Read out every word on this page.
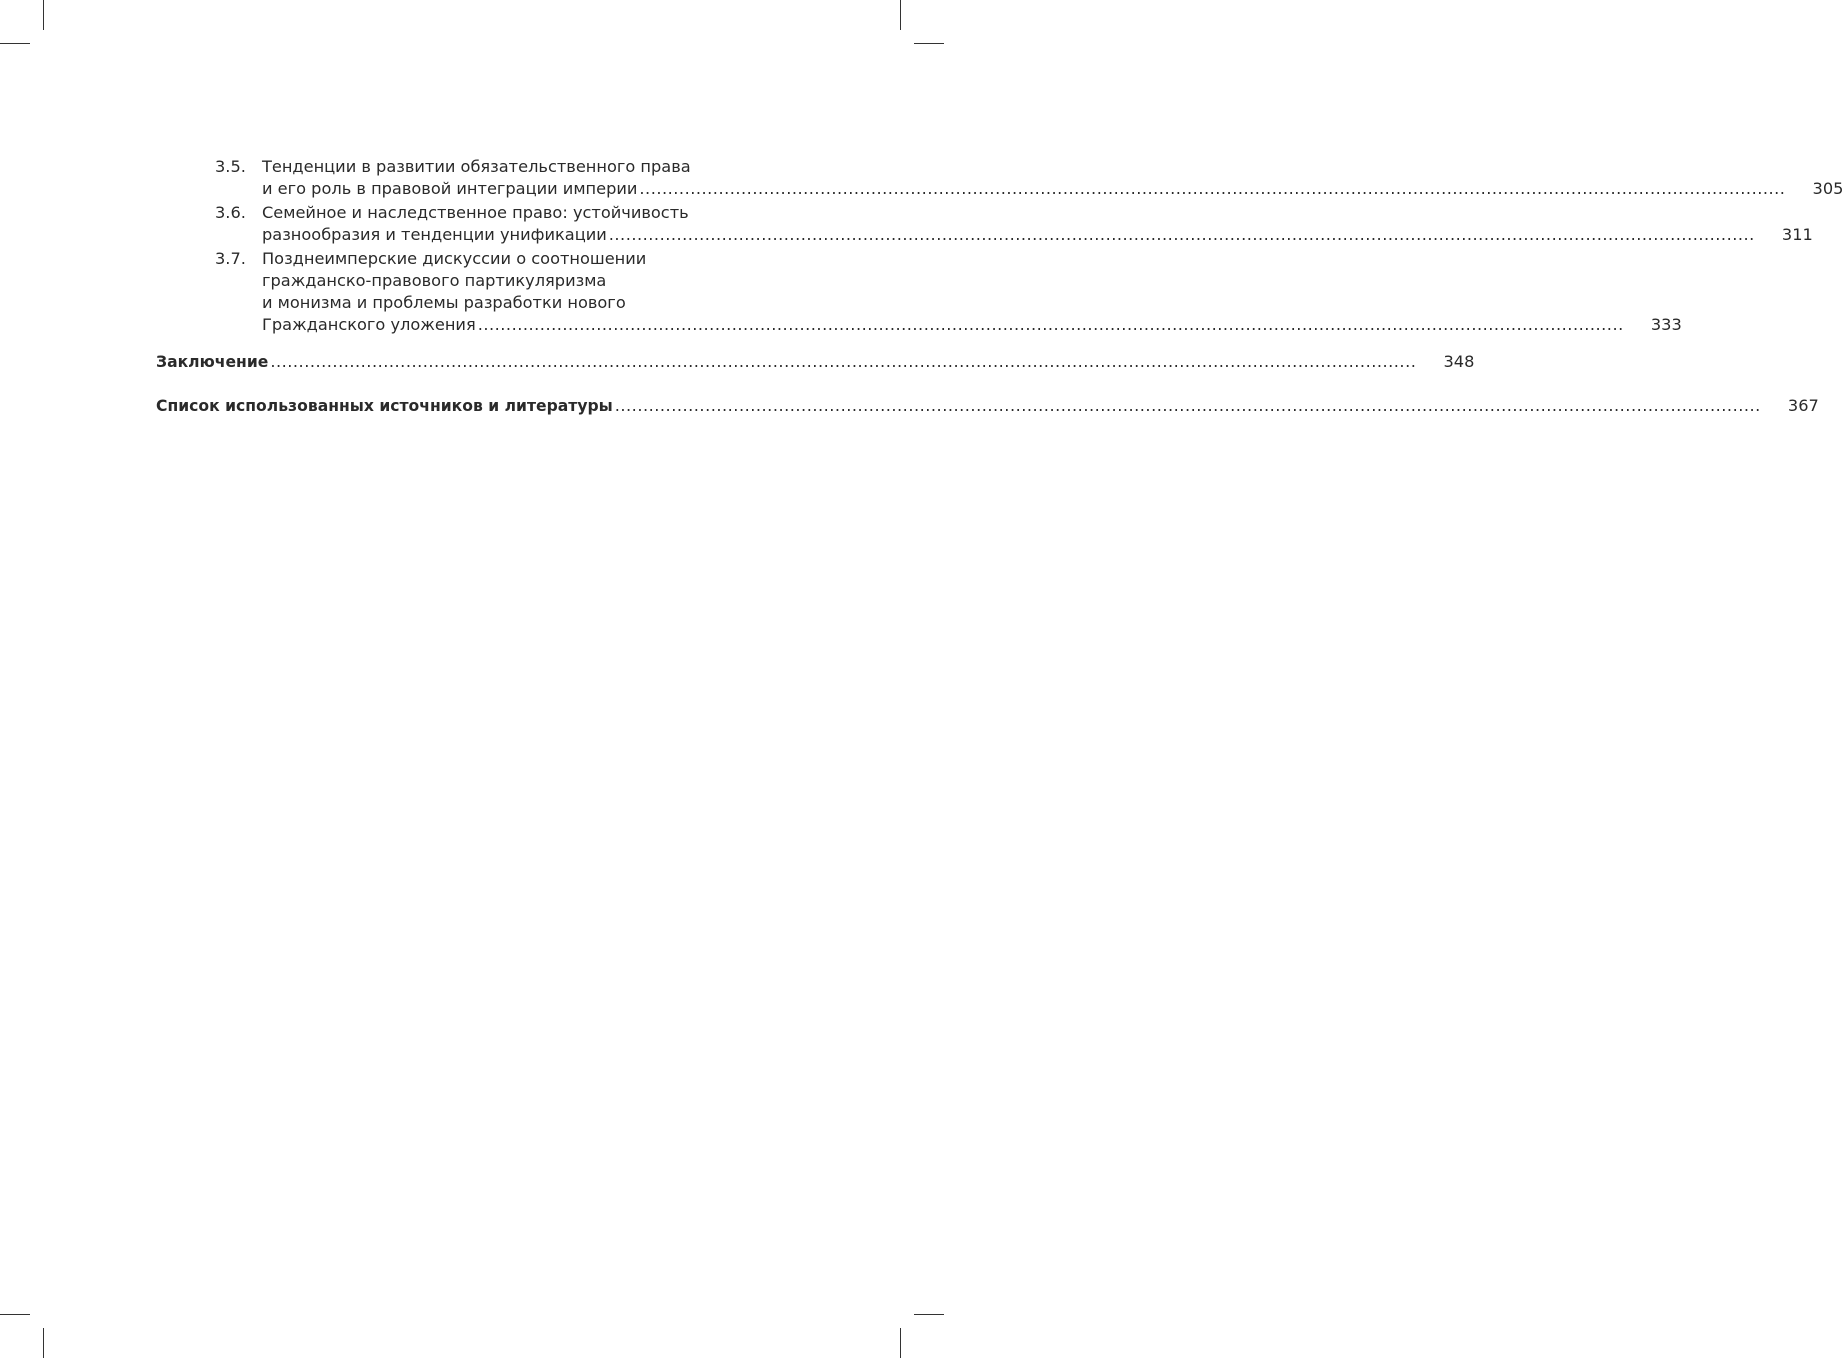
3.5. Тенденции в развитии обязательственного права
и его роль в правовой интеграции империи ...........................................................................................................................................................................................................	305
3.6. Семейное и наследственное право: устойчивость
разнообразия и тенденции унификации ...........................................................................................................................................................................................................	311
3.7. Позднеимперские дискуссии о соотношении
гражданско-правового партикуляризма
и монизма и проблемы разработки нового
Гражданского уложения ...........................................................................................................................................................................................................	333
Заключение ...........................................................................................................................................................................................................	348
Список использованных источников и литературы ...........................................................................................................................................................................................................	367
